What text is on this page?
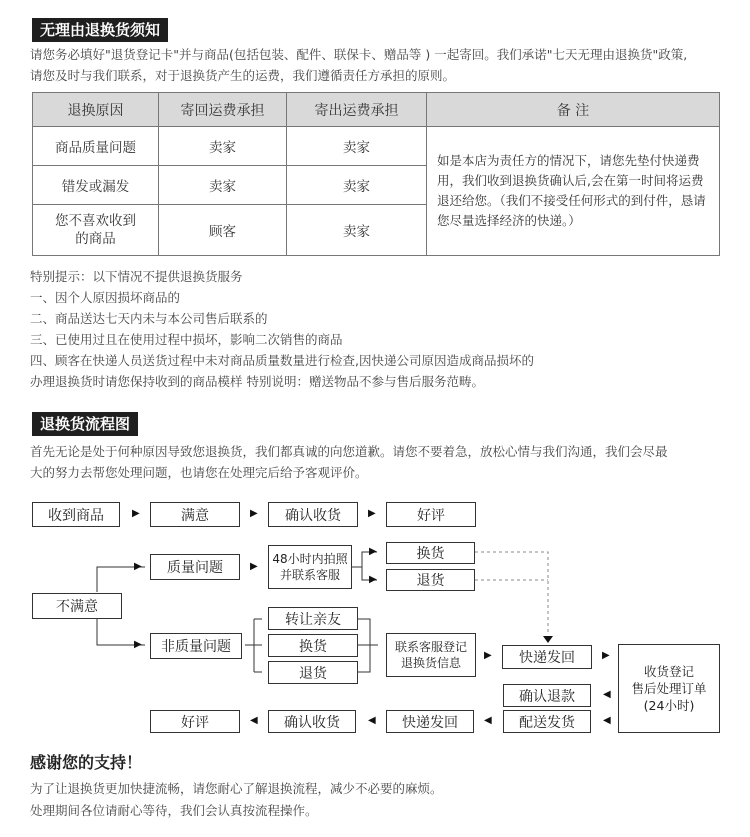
无理由退换货须知

请您务必填好"退货登记卡"并与商品(包括包装、配件、联保卡、赠品等 ) 一起寄回。我们承诺"七天无理由退换货"政策,

请您及时与我们联系，对于退换货产生的运费，我们遵循责任方承担的原则。

退换原因	寄回运费承担	寄出运费承担	备 注
商品质量问题	卖家	卖家	如是本店为责任方的情况下，请您先垫付快递费用，我们收到退换货确认后,会在第一时间将运费退还给您。（我们不接受任何形式的到付件，恳请您尽量选择经济的快递。）
错发或漏发	卖家	卖家	
您不喜欢收到的商品	顾客	卖家	
特别提示：以下情况不提供退换货服务
一、因个人原因损坏商品的
二、商品送达七天内未与本公司售后联系的
三、已使用过且在使用过程中损坏，影响二次销售的商品
四、顾客在快递人员送货过程中未对商品质量数量进行检查,因快递公司原因造成商品损坏的
办理退换货时请您保持收到的商品模样 特别说明：赠送物品不参与售后服务范畴。
退换货流程图

首先无论是处于何种原因导致您退换货，我们都真诚的向您道歉。请您不要着急，放松心情与我们沟通，我们会尽最

大的努力去帮您处理问题，也请您在处理完后给予客观评价。

收到商品	▶	满意	▶	确认收货	▶	好评
不满意
▶	质量问题	▶
48小时内拍照
并联系客服
▶	换货
▶	退货
▶	非质量问题
转让亲友
换货
退货
联系客服登记
退换货信息
▶	快递发回	▶
收货登记
售后处理订单
(24小时)
◀
确认退款
◀
配送发货
◀
快递发回
◀
确认收货
◀
好评
感谢您的支持！

为了让退换货更加快捷流畅，请您耐心了解退换流程，减少不必要的麻烦。

处理期间各位请耐心等待，我们会认真按流程操作。
